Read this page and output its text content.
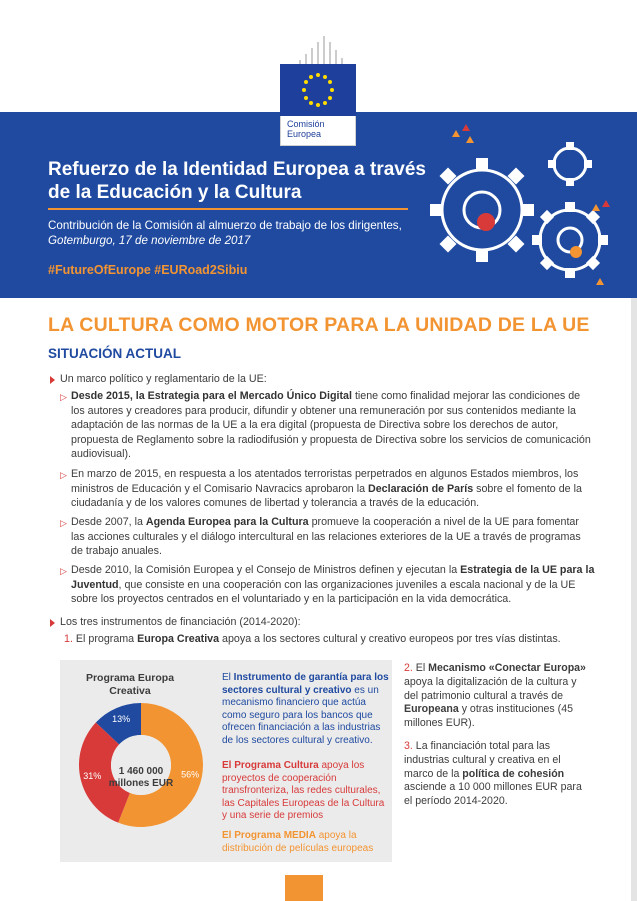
Comisión
Europea
Refuerzo de la Identidad Europea a través de la Educación y la Cultura
Contribución de la Comisión al almuerzo de trabajo de los dirigentes,
Gotemburgo, 17 de noviembre de 2017
#FutureOfEurope #EURoad2Sibiu
LA CULTURA COMO MOTOR PARA LA UNIDAD DE LA UE
SITUACIÓN ACTUAL
Un marco político y reglamentario de la UE:
▷ Desde 2015, la Estrategia para el Mercado Único Digital tiene como finalidad mejorar las condiciones de los autores y creadores para producir, difundir y obtener una remuneración por sus contenidos mediante la adaptación de las normas de la UE a la era digital (propuesta de Directiva sobre los derechos de autor, propuesta de Reglamento sobre la radiodifusión y propuesta de Directiva sobre los servicios de comunicación audiovisual).
▷ En marzo de 2015, en respuesta a los atentados terroristas perpetrados en algunos Estados miembros, los ministros de Educación y el Comisario Navracics aprobaron la Declaración de París sobre el fomento de la ciudadanía y de los valores comunes de libertad y tolerancia a través de la educación.
▷ Desde 2007, la Agenda Europea para la Cultura promueve la cooperación a nivel de la UE para fomentar las acciones culturales y el diálogo intercultural en las relaciones exteriores de la UE a través de programas de trabajo anuales.
▷ Desde 2010, la Comisión Europea y el Consejo de Ministros definen y ejecutan la Estrategia de la UE para la Juventud, que consiste en una cooperación con las organizaciones juveniles a escala nacional y de la UE sobre los proyectos centrados en el voluntariado y en la participación en la vida democrática.
Los tres instrumentos de financiación (2014-2020):
1. El programa Europa Creativa apoya a los sectores cultural y creativo europeos por tres vías distintas.
Programa Europa Creativa
13%
56%
31%	1 460 000 millones EUR
El Instrumento de garantía para los sectores cultural y creativo es un mecanismo financiero que actúa como seguro para los bancos que ofrecen financiación a las industrias de los sectores cultural y creativo.
El Programa Cultura apoya los proyectos de cooperación transfronteriza, las redes culturales, las Capitales Europeas de la Cultura y una serie de premios
El Programa MEDIA apoya la distribución de películas europeas
2. El Mecanismo «Conectar Europa» apoya la digitalización de la cultura y del patrimonio cultural a través de Europeana y otras instituciones (45 millones EUR).
3. La financiación total para las industrias cultural y creativa en el marco de la política de cohesión asciende a 10 000 millones EUR para el período 2014-2020.
